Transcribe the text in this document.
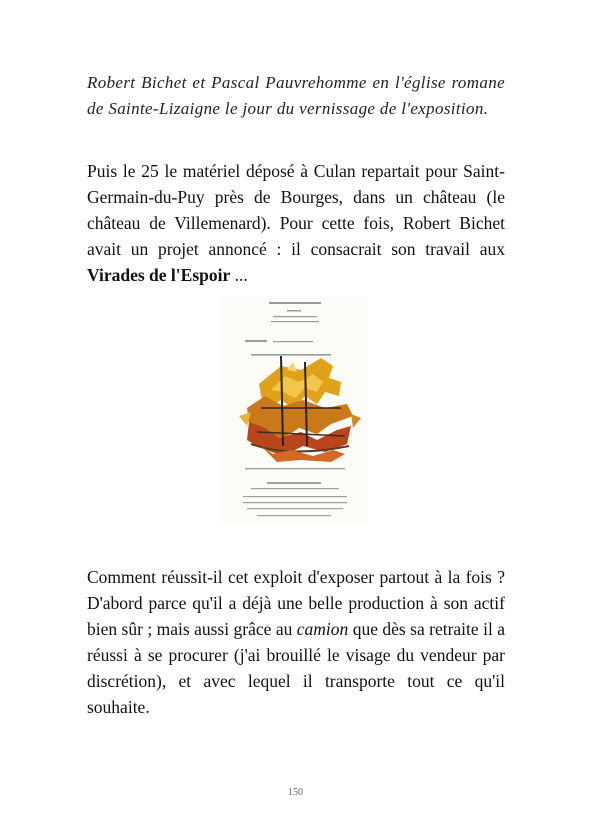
Robert Bichet et Pascal Pauvrehomme en l'église romane de Sainte-Lizaigne le jour du vernissage de l'exposition.
Puis le 25 le matériel déposé à Culan repartait pour Saint-Germain-du-Puy près de Bourges, dans un château (le château de Villemenard). Pour cette fois, Robert Bichet avait un projet annoncé : il consacrait son travail aux Virades de l'Espoir ...
Comment réussit-il cet exploit d'exposer partout à la fois ? D'abord parce qu'il a déjà une belle production à son actif bien sûr ; mais aussi grâce au camion que dès sa retraite il a réussi à se procurer (j'ai brouillé le visage du vendeur par discrétion), et avec lequel il transporte tout ce qu'il souhaite.
150
